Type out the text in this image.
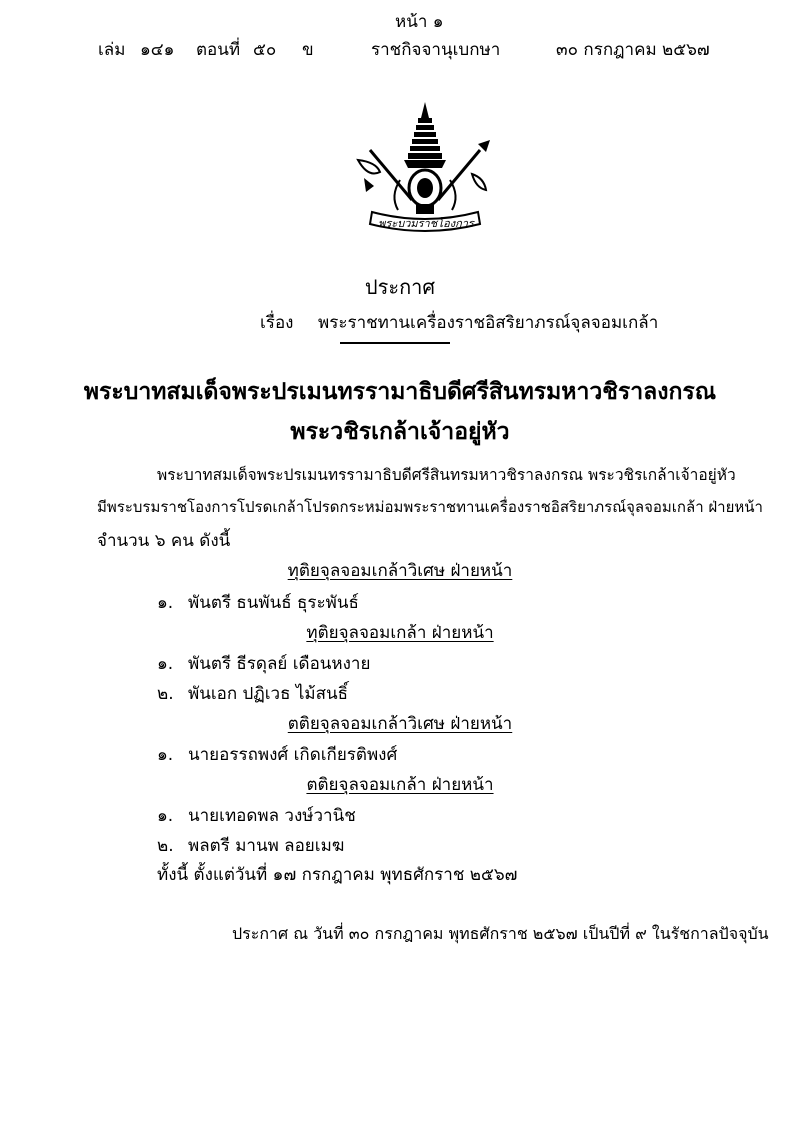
หน้า ๑
เล่ม ๑๔๑ ตอนที่ ๕๐ ข	ราชกิจจานุเบกษา	๓๐ กรกฎาคม ๒๕๖๗
พระบวมราชโองการ
ประกาศ
เรื่อง พระราชทานเครื่องราชอิสริยาภรณ์จุลจอมเกล้า
พระบาทสมเด็จพระปรเมนทรรามาธิบดีศรีสินทรมหาวชิราลงกรณ
พระวชิรเกล้าเจ้าอยู่หัว
พระบาทสมเด็จพระปรเมนทรรามาธิบดีศรีสินทรมหาวชิราลงกรณ พระวชิรเกล้าเจ้าอยู่หัว
มีพระบรมราชโองการโปรดเกล้าโปรดกระหม่อมพระราชทานเครื่องราชอิสริยาภรณ์จุลจอมเกล้า ฝ่ายหน้า
จำนวน ๖ คน ดังนี้
ทุติยจุลจอมเกล้าวิเศษ ฝ่ายหน้า
๑. พันตรี ธนพันธ์ ธุระพันธ์
ทุติยจุลจอมเกล้า ฝ่ายหน้า
๑. พันตรี ธีรดุลย์ เดือนหงาย
๒. พันเอก ปฏิเวธ ไม้สนธิ์
ตติยจุลจอมเกล้าวิเศษ ฝ่ายหน้า
๑. นายอรรถพงศ์ เกิดเกียรติพงศ์
ตติยจุลจอมเกล้า ฝ่ายหน้า
๑. นายเทอดพล วงษ์วานิช
๒. พลตรี มานพ ลอยเมฆ
ทั้งนี้ ตั้งแต่วันที่ ๑๗ กรกฎาคม พุทธศักราช ๒๕๖๗
ประกาศ ณ วันที่ ๓๐ กรกฎาคม พุทธศักราช ๒๕๖๗ เป็นปีที่ ๙ ในรัชกาลปัจจุบัน
